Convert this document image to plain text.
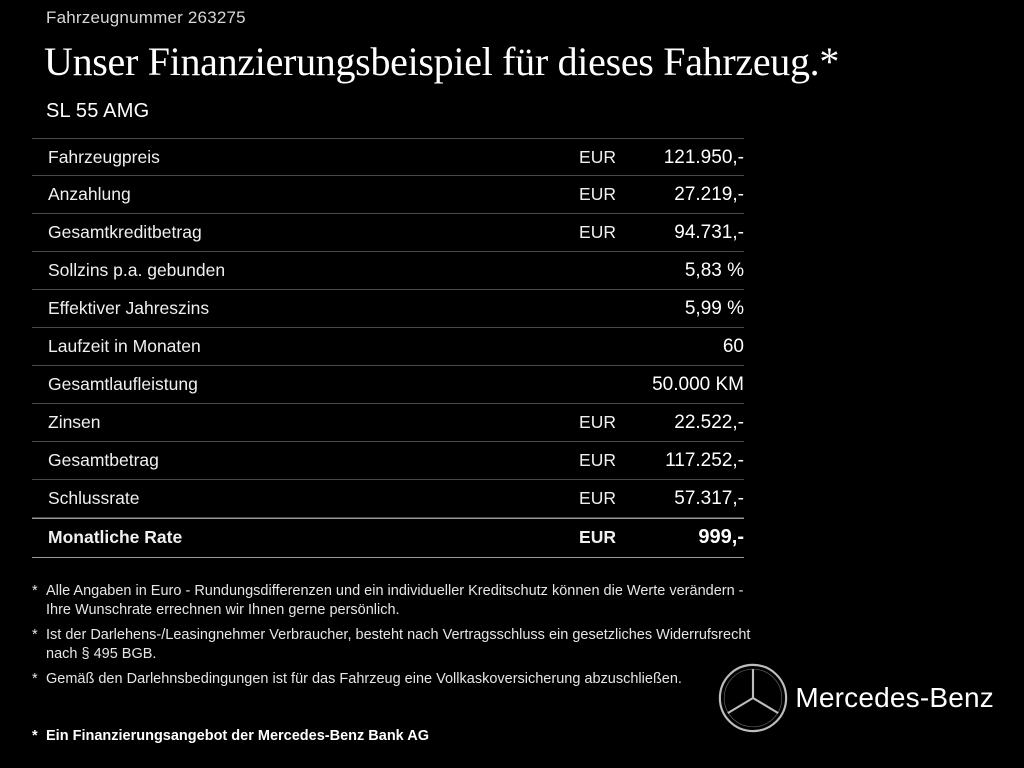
Fahrzeugnummer 263275
Unser Finanzierungsbeispiel für dieses Fahrzeug.*
SL 55 AMG
Fahrzeugpreis	EUR	121.950,-
Anzahlung	EUR	27.219,-
Gesamtkreditbetrag	EUR	94.731,-
Sollzins p.a. gebunden	5,83 %
Effektiver Jahreszins	5,99 %
Laufzeit in Monaten	60
Gesamtlaufleistung	50.000 KM
Zinsen	EUR	22.522,-
Gesamtbetrag	EUR	117.252,-
Schlussrate	EUR	57.317,-
Monatliche Rate	EUR	999,-
* Alle Angaben in Euro - Rundungsdifferenzen und ein individueller Kreditschutz können die Werte verändern - Ihre Wunschrate errechnen wir Ihnen gerne persönlich.
* Ist der Darlehens-/Leasingnehmer Verbraucher, besteht nach Vertragsschluss ein gesetzliches Widerrufsrecht nach § 495 BGB.
* Gemäß den Darlehnsbedingungen ist für das Fahrzeug eine Vollkaskoversicherung abzuschließen.
* Ein Finanzierungsangebot der Mercedes-Benz Bank AG
Mercedes-Benz
